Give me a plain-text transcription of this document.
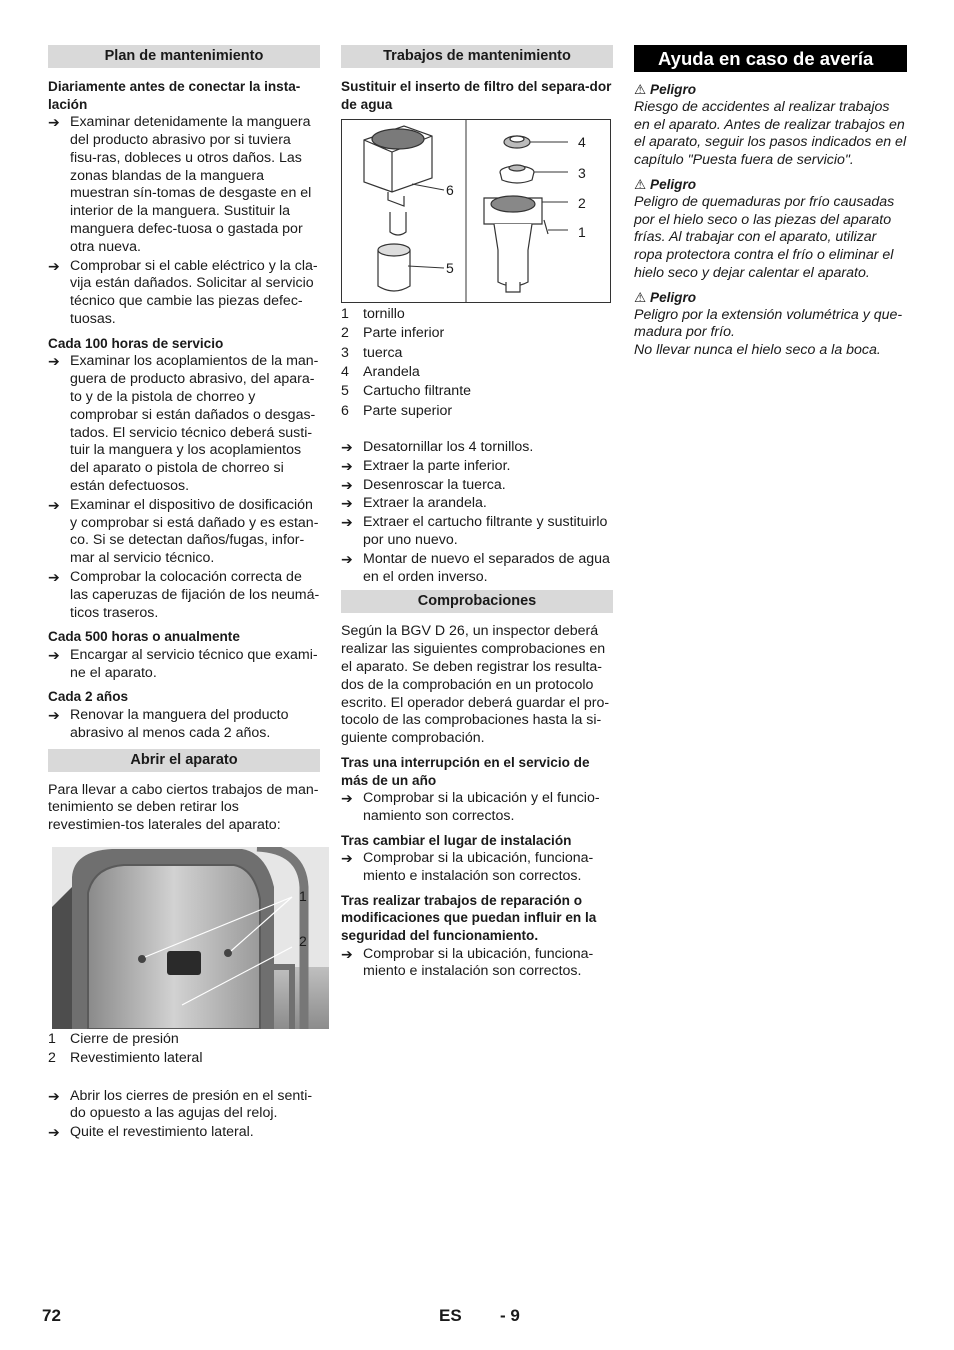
Plan de mantenimiento
Diariamente antes de conectar la insta-lación
➔ Examinar detenidamente la manguera del producto abrasivo por si tuviera fisu-ras, dobleces u otros daños. Las zonas blandas de la manguera muestran sín-tomas de desgaste en el interior de la manguera. Sustituir la manguera defec-tuosa o gastada por otra nueva.
➔ Comprobar si el cable eléctrico y la cla-vija están dañados. Solicitar al servicio técnico que cambie las piezas defec-tuosas.
Cada 100 horas de servicio
➔ Examinar los acoplamientos de la man-guera de producto abrasivo, del apara-to y de la pistola de chorreo y comprobar si están dañados o desgas-tados. El servicio técnico deberá susti-tuir la manguera y los acoplamientos del aparato o pistola de chorreo si están defectuosos.
➔ Examinar el dispositivo de dosificación y comprobar si está dañado y es estan-co. Si se detectan daños/fugas, infor-mar al servicio técnico.
➔ Comprobar la colocación correcta de las caperuzas de fijación de los neumá-ticos traseros.
Cada 500 horas o anualmente
➔ Encargar al servicio técnico que exami-ne el aparato.
Cada 2 años
➔ Renovar la manguera del producto abrasivo al menos cada 2 años.
Abrir el aparato
Para llevar a cabo ciertos trabajos de man-tenimiento se deben retirar los revestimien-tos laterales del aparato:
1
2
1 Cierre de presión
2 Revestimiento lateral
➔ Abrir los cierres de presión en el senti-do opuesto a las agujas del reloj.
➔ Quite el revestimiento lateral.
Trabajos de mantenimiento
Sustituir el inserto de filtro del separa-dor de agua
6
5
4
3
2
1
1 tornillo
2 Parte inferior
3 tuerca
4 Arandela
5 Cartucho filtrante
6 Parte superior
➔ Desatornillar los 4 tornillos.
➔ Extraer la parte inferior.
➔ Desenroscar la tuerca.
➔ Extraer la arandela.
➔ Extraer el cartucho filtrante y sustituirlo por uno nuevo.
➔ Montar de nuevo el separados de agua en el orden inverso.
Comprobaciones
Según la BGV D 26, un inspector deberá realizar las siguientes comprobaciones en el aparato. Se deben registrar los resulta-dos de la comprobación en un protocolo escrito. El operador deberá guardar el pro-tocolo de las comprobaciones hasta la si-guiente comprobación.
Tras una interrupción en el servicio de más de un año
➔ Comprobar si la ubicación y el funcio-namiento son correctos.
Tras cambiar el lugar de instalación
➔ Comprobar si la ubicación, funciona-miento e instalación son correctos.
Tras realizar trabajos de reparación o modificaciones que puedan influir en la seguridad del funcionamiento.
➔ Comprobar si la ubicación, funciona-miento e instalación son correctos.
Ayuda en caso de avería
⚠ Peligro
Riesgo de accidentes al realizar trabajos en el aparato. Antes de realizar trabajos en el aparato, seguir los pasos indicados en el capítulo "Puesta fuera de servicio".
⚠ Peligro
Peligro de quemaduras por frío causadas por el hielo seco o las piezas del aparato frías. Al trabajar con el aparato, utilizar ropa protectora contra el frío o eliminar el hielo seco y dejar calentar el aparato.
⚠ Peligro
Peligro por la extensión volumétrica y que-madura por frío.
No llevar nunca el hielo seco a la boca.
72	ES - 9
